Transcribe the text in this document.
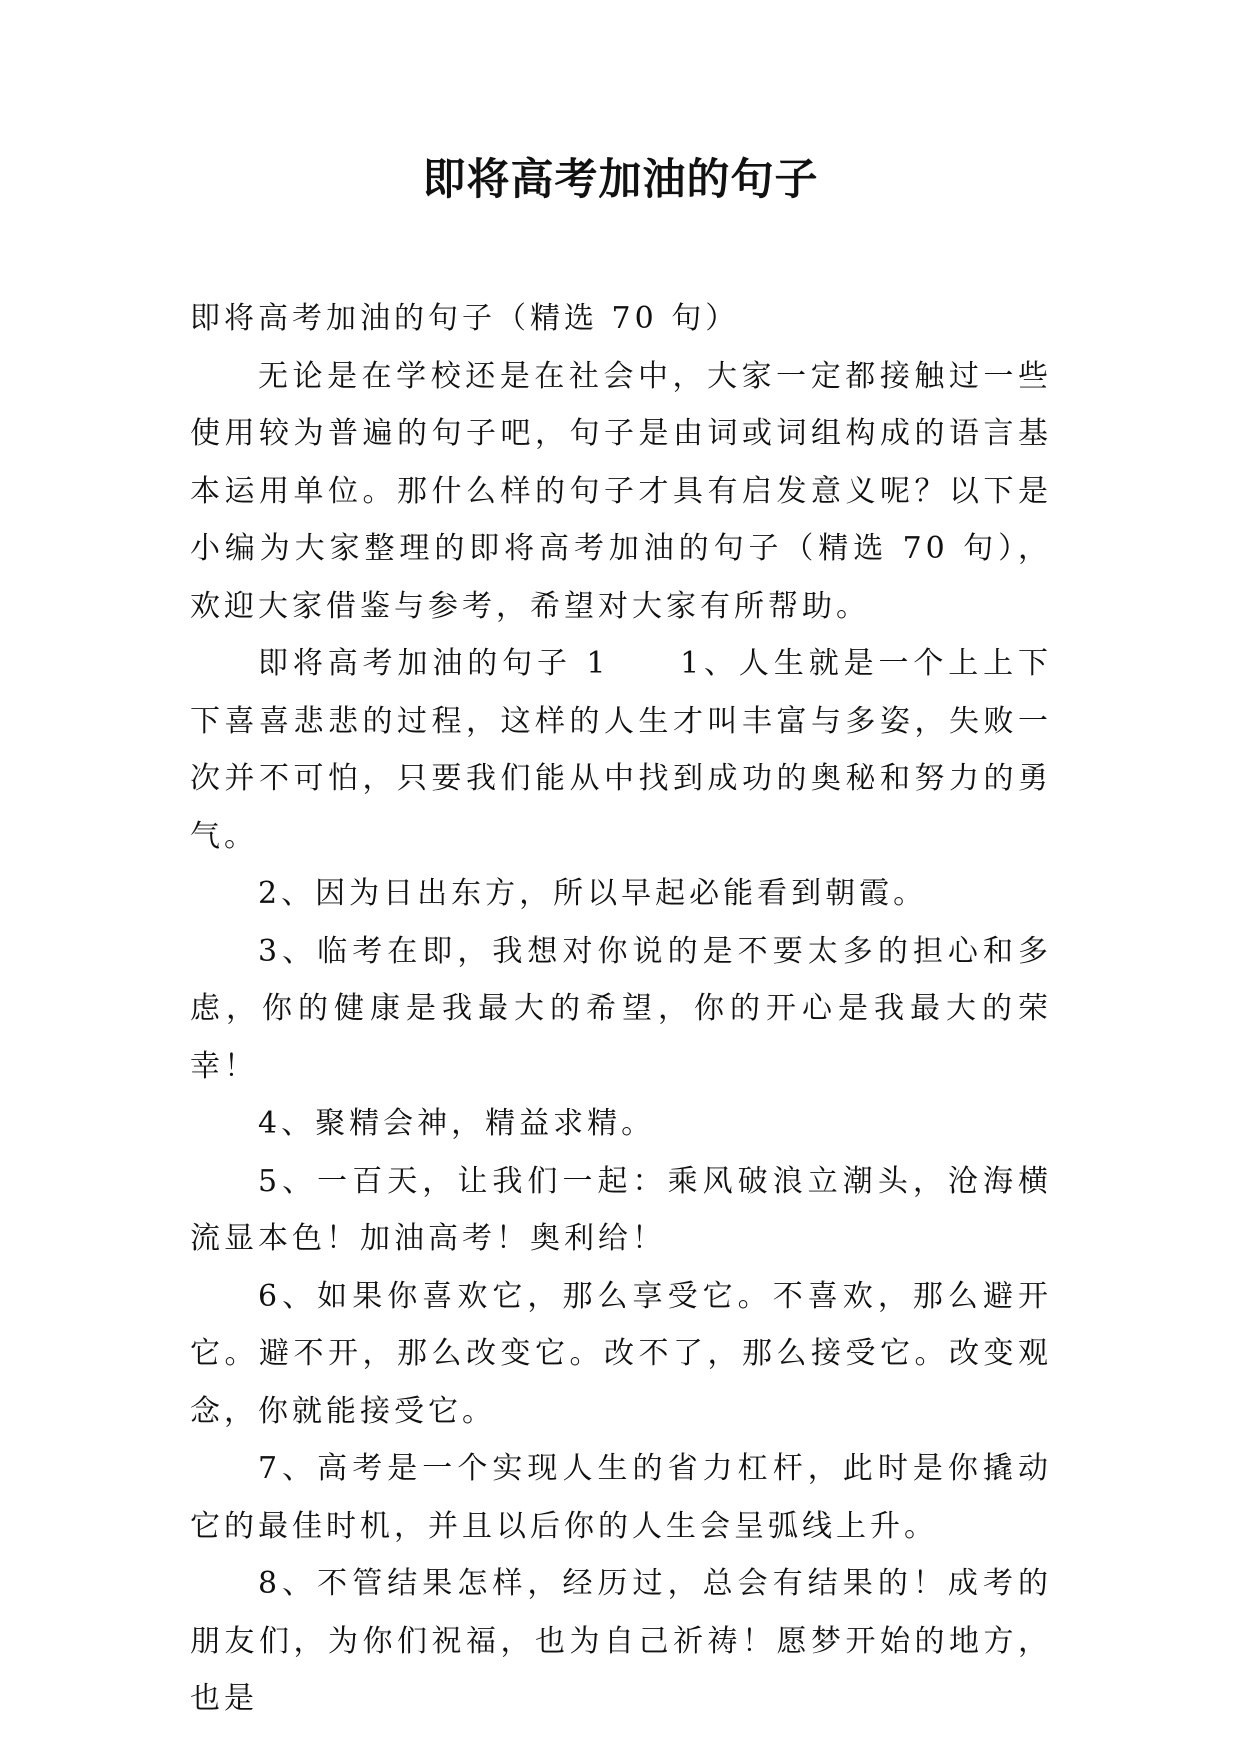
即将高考加油的句子

即将高考加油的句子（精选 70 句）

无论是在学校还是在社会中，大家一定都接触过一些使用较为普遍的句子吧，句子是由词或词组构成的语言基本运用单位。那什么样的句子才具有启发意义呢？以下是小编为大家整理的即将高考加油的句子（精选 70 句），欢迎大家借鉴与参考，希望对大家有所帮助。

即将高考加油的句子 1　　1、人生就是一个上上下下喜喜悲悲的过程，这样的人生才叫丰富与多姿，失败一次并不可怕，只要我们能从中找到成功的奥秘和努力的勇气。

2、因为日出东方，所以早起必能看到朝霞。

3、临考在即，我想对你说的是不要太多的担心和多虑，你的健康是我最大的希望，你的开心是我最大的荣幸！

4、聚精会神，精益求精。

5、一百天，让我们一起：乘风破浪立潮头，沧海横流显本色！加油高考！奥利给！

6、如果你喜欢它，那么享受它。不喜欢，那么避开它。避不开，那么改变它。改不了，那么接受它。改变观念，你就能接受它。

7、高考是一个实现人生的省力杠杆，此时是你撬动它的最佳时机，并且以后你的人生会呈弧线上升。

8、不管结果怎样，经历过，总会有结果的！成考的朋友们，为你们祝福，也为自己祈祷！愿梦开始的地方，也是
